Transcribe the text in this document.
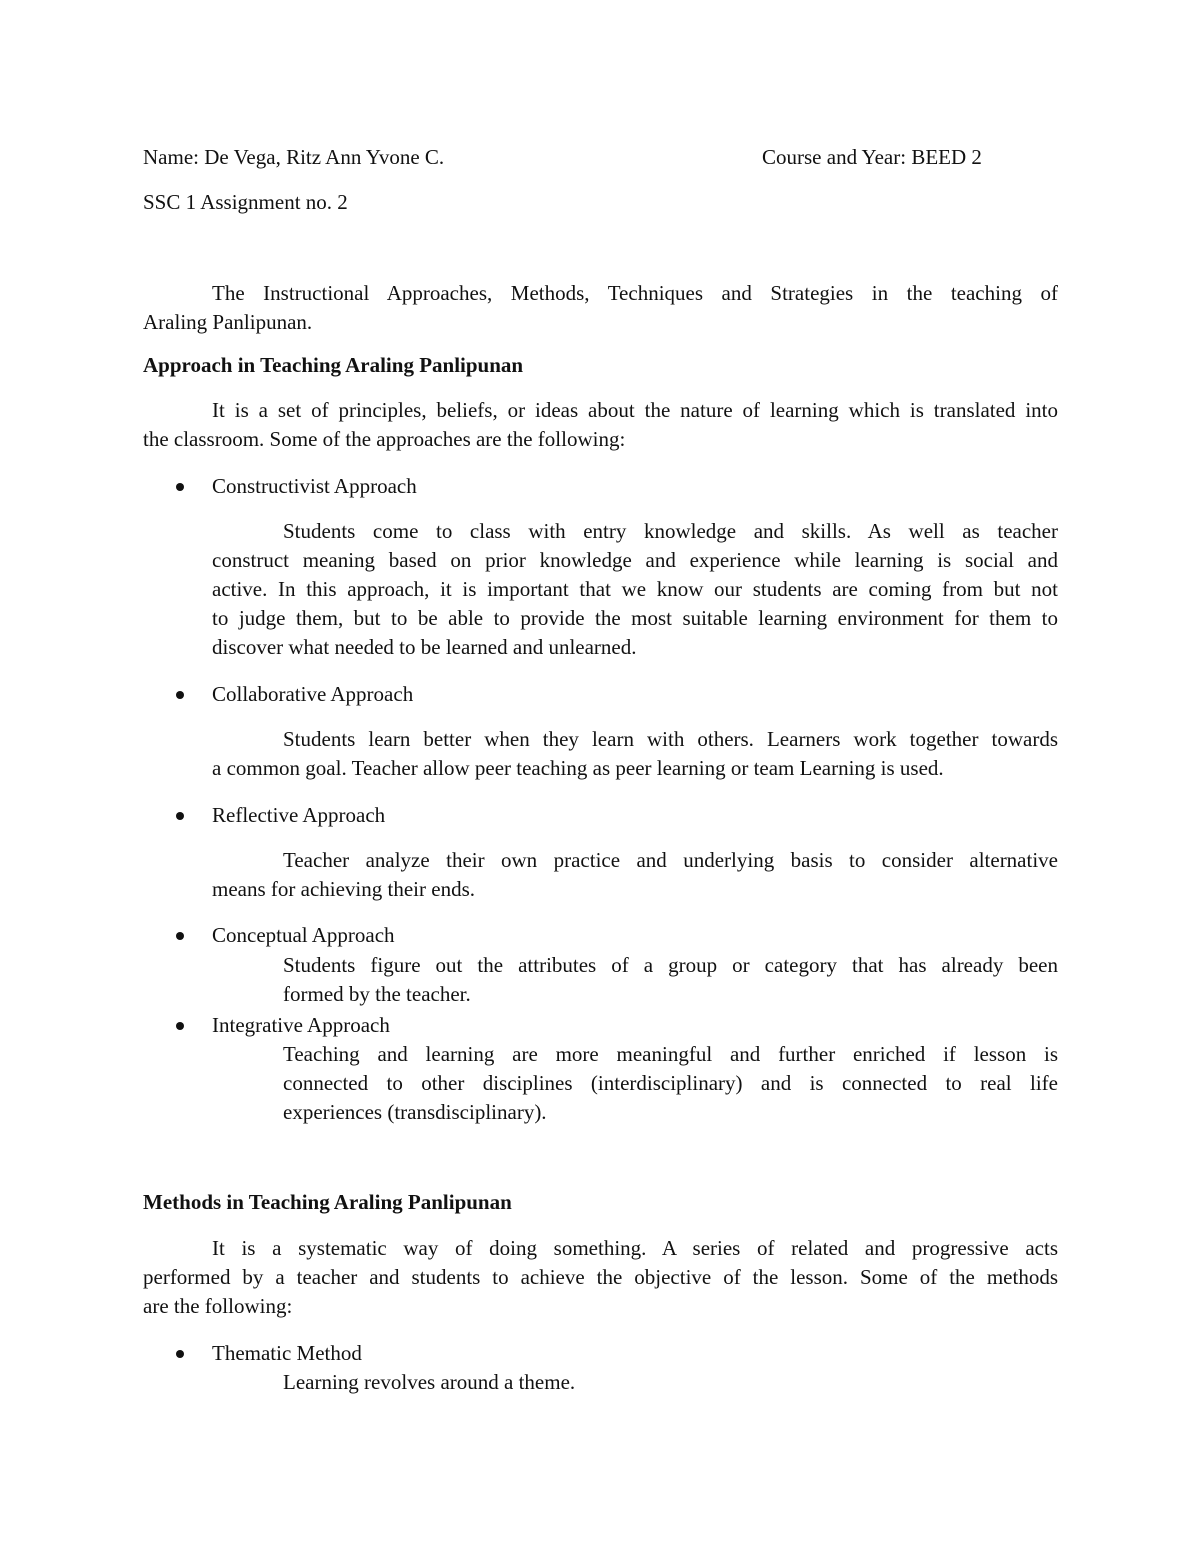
Name: De Vega, Ritz Ann Yvone C.	Course and Year: BEED 2
SSC 1 Assignment no. 2
The Instructional Approaches, Methods, Techniques and Strategies in the teaching of
Araling Panlipunan.
Approach in Teaching Araling Panlipunan
It is a set of principles, beliefs, or ideas about the nature of learning which is translated into
the classroom. Some of the approaches are the following:
Constructivist Approach
Students come to class with entry knowledge and skills. As well as teacher
construct meaning based on prior knowledge and experience while learning is social and
active. In this approach, it is important that we know our students are coming from but not
to judge them, but to be able to provide the most suitable learning environment for them to
discover what needed to be learned and unlearned.
Collaborative Approach
Students learn better when they learn with others. Learners work together towards
a common goal. Teacher allow peer teaching as peer learning or team Learning is used.
Reflective Approach
Teacher analyze their own practice and underlying basis to consider alternative
means for achieving their ends.
Conceptual Approach
Students figure out the attributes of a group or category that has already been
formed by the teacher.
Integrative Approach
Teaching and learning are more meaningful and further enriched if lesson is
connected to other disciplines (interdisciplinary) and is connected to real life
experiences (transdisciplinary).
Methods in Teaching Araling Panlipunan
It is a systematic way of doing something. A series of related and progressive acts
performed by a teacher and students to achieve the objective of the lesson. Some of the methods
are the following:
Thematic Method
Learning revolves around a theme.
